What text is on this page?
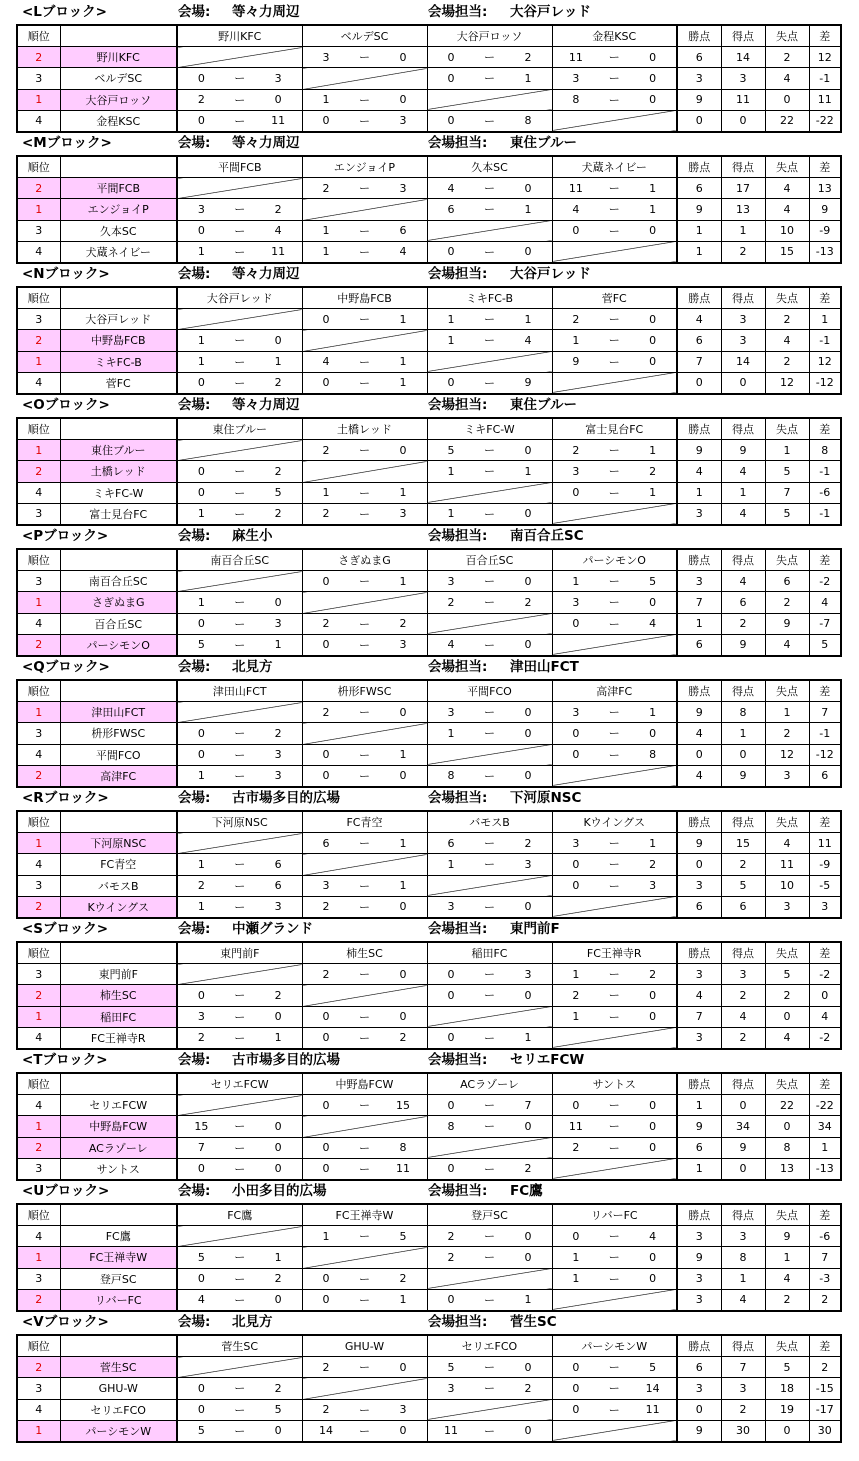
<Lブロック>	会場: 等々力周辺	会場担当: 大谷戸レッド
順位		野川KFC	ベルデSC	大谷戸ロッソ	金程KSC	勝点	得点	失点	差
2	野川KFC		3 ー 0	0 ー 2	11 ー 0	6	14	2	12
3	ベルデSC	0 ー 3		0 ー 1	3 ー 0	3	3	4	-1
1	大谷戸ロッソ	2 ー 0	1 ー 0		8 ー 0	9	11	0	11
4	金程KSC	0 ー 11	0 ー 3	0 ー 8		0	0	22	-22
<Mブロック>	会場: 等々力周辺	会場担当: 東住ブルー
順位		平間FCB	エンジョイP	久本SC	犬蔵ネイビー	勝点	得点	失点	差
2	平間FCB		2 ー 3	4 ー 0	11 ー 1	6	17	4	13
1	エンジョイP	3 ー 2		6 ー 1	4 ー 1	9	13	4	9
3	久本SC	0 ー 4	1 ー 6		0 ー 0	1	1	10	-9
4	犬蔵ネイビー	1 ー 11	1 ー 4	0 ー 0		1	2	15	-13
<Nブロック>	会場: 等々力周辺	会場担当: 大谷戸レッド
順位		大谷戸レッド	中野島FCB	ミキFC-B	菅FC	勝点	得点	失点	差
3	大谷戸レッド		0 ー 1	1 ー 1	2 ー 0	4	3	2	1
2	中野島FCB	1 ー 0		1 ー 4	1 ー 0	6	3	4	-1
1	ミキFC-B	1 ー 1	4 ー 1		9 ー 0	7	14	2	12
4	菅FC	0 ー 2	0 ー 1	0 ー 9		0	0	12	-12
<Oブロック>	会場: 等々力周辺	会場担当: 東住ブルー
順位		東住ブルー	土橋レッド	ミキFC-W	富士見台FC	勝点	得点	失点	差
1	東住ブルー		2 ー 0	5 ー 0	2 ー 1	9	9	1	8
2	土橋レッド	0 ー 2		1 ー 1	3 ー 2	4	4	5	-1
4	ミキFC-W	0 ー 5	1 ー 1		0 ー 1	1	1	7	-6
3	富士見台FC	1 ー 2	2 ー 3	1 ー 0		3	4	5	-1
<Pブロック>	会場: 麻生小	会場担当: 南百合丘SC
順位		南百合丘SC	さぎぬまG	百合丘SC	パーシモンO	勝点	得点	失点	差
3	南百合丘SC		0 ー 1	3 ー 0	1 ー 5	3	4	6	-2
1	さぎぬまG	1 ー 0		2 ー 2	3 ー 0	7	6	2	4
4	百合丘SC	0 ー 3	2 ー 2		0 ー 4	1	2	9	-7
2	パーシモンO	5 ー 1	0 ー 3	4 ー 0		6	9	4	5
<Qブロック>	会場: 北見方	会場担当: 津田山FCT
順位		津田山FCT	枡形FWSC	平間FCO	高津FC	勝点	得点	失点	差
1	津田山FCT		2 ー 0	3 ー 0	3 ー 1	9	8	1	7
3	枡形FWSC	0 ー 2		1 ー 0	0 ー 0	4	1	2	-1
4	平間FCO	0 ー 3	0 ー 1		0 ー 8	0	0	12	-12
2	高津FC	1 ー 3	0 ー 0	8 ー 0		4	9	3	6
<Rブロック>	会場: 古市場多目的広場	会場担当: 下河原NSC
順位		下河原NSC	FC青空	バモスB	Kウイングス	勝点	得点	失点	差
1	下河原NSC		6 ー 1	6 ー 2	3 ー 1	9	15	4	11
4	FC青空	1 ー 6		1 ー 3	0 ー 2	0	2	11	-9
3	バモスB	2 ー 6	3 ー 1		0 ー 3	3	5	10	-5
2	Kウイングス	1 ー 3	2 ー 0	3 ー 0		6	6	3	3
<Sブロック>	会場: 中瀬グランド	会場担当: 東門前F
順位		東門前F	柿生SC	稲田FC	FC王禅寺R	勝点	得点	失点	差
3	東門前F		2 ー 0	0 ー 3	1 ー 2	3	3	5	-2
2	柿生SC	0 ー 2		0 ー 0	2 ー 0	4	2	2	0
1	稲田FC	3 ー 0	0 ー 0		1 ー 0	7	4	0	4
4	FC王禅寺R	2 ー 1	0 ー 2	0 ー 1		3	2	4	-2
<Tブロック>	会場: 古市場多目的広場	会場担当: セリエFCW
順位		セリエFCW	中野島FCW	ACラゾーレ	サントス	勝点	得点	失点	差
4	セリエFCW		0 ー 15	0 ー 7	0 ー 0	1	0	22	-22
1	中野島FCW	15 ー 0		8 ー 0	11 ー 0	9	34	0	34
2	ACラゾーレ	7 ー 0	0 ー 8		2 ー 0	6	9	8	1
3	サントス	0 ー 0	0 ー 11	0 ー 2		1	0	13	-13
<Uブロック>	会場: 小田多目的広場	会場担当: FC鷹
順位		FC鷹	FC王禅寺W	登戸SC	リバーFC	勝点	得点	失点	差
4	FC鷹		1 ー 5	2 ー 0	0 ー 4	3	3	9	-6
1	FC王禅寺W	5 ー 1		2 ー 0	1 ー 0	9	8	1	7
3	登戸SC	0 ー 2	0 ー 2		1 ー 0	3	1	4	-3
2	リバーFC	4 ー 0	0 ー 1	0 ー 1		3	4	2	2
<Vブロック>	会場: 北見方	会場担当: 菅生SC
順位		菅生SC	GHU-W	セリエFCO	パーシモンW	勝点	得点	失点	差
2	菅生SC		2 ー 0	5 ー 0	0 ー 5	6	7	5	2
3	GHU-W	0 ー 2		3 ー 2	0 ー 14	3	3	18	-15
4	セリエFCO	0 ー 5	2 ー 3		0 ー 11	0	2	19	-17
1	パーシモンW	5 ー 0	14 ー 0	11 ー 0		9	30	0	30
